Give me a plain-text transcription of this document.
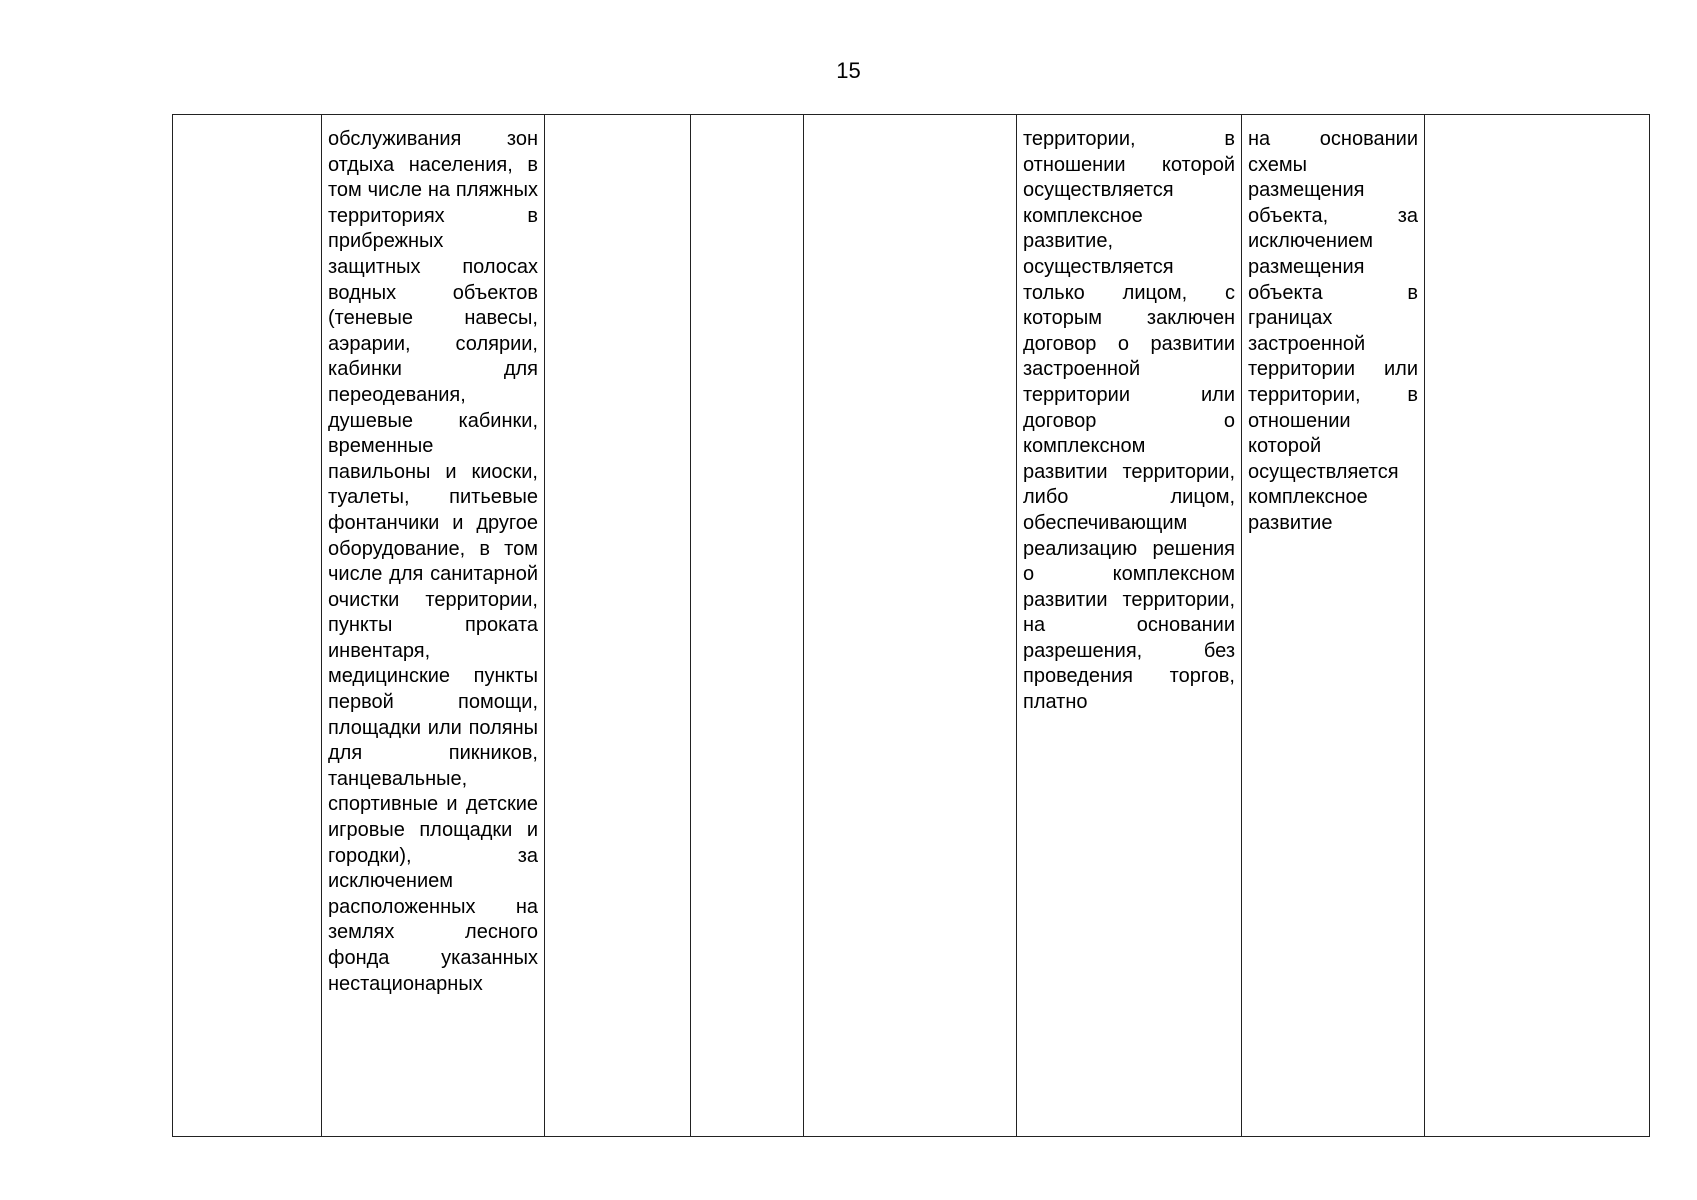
15
	обслуживания зон отдыха населения, в том числе на пляжных территориях в прибрежных защитных полосах водных объектов (теневые навесы, аэрарии, солярии, кабинки для переодевания, душевые кабинки, временные павильоны и киоски, туалеты, питьевые фонтанчики и другое оборудование, в том числе для санитарной очистки территории, пункты проката инвентаря, медицинские пункты первой помощи, площадки или поляны для пикников, танцевальные, спортивные и детские игровые площадки и городки), за исключением расположенных на землях лесного фонда указанных нестационарных				территории, в отношении которой осуществляется комплексное развитие, осуществляется только лицом, с которым заключен договор о развитии застроенной территории или договор о комплексном развитии территории, либо лицом, обеспечивающим реализацию решения о комплексном развитии территории, на основании разрешения, без проведения торгов, платно	на основании схемы размещения объекта, за исключением размещения объекта в границах застроенной территории или территории, в отношении которой осуществляется комплексное развитие	
